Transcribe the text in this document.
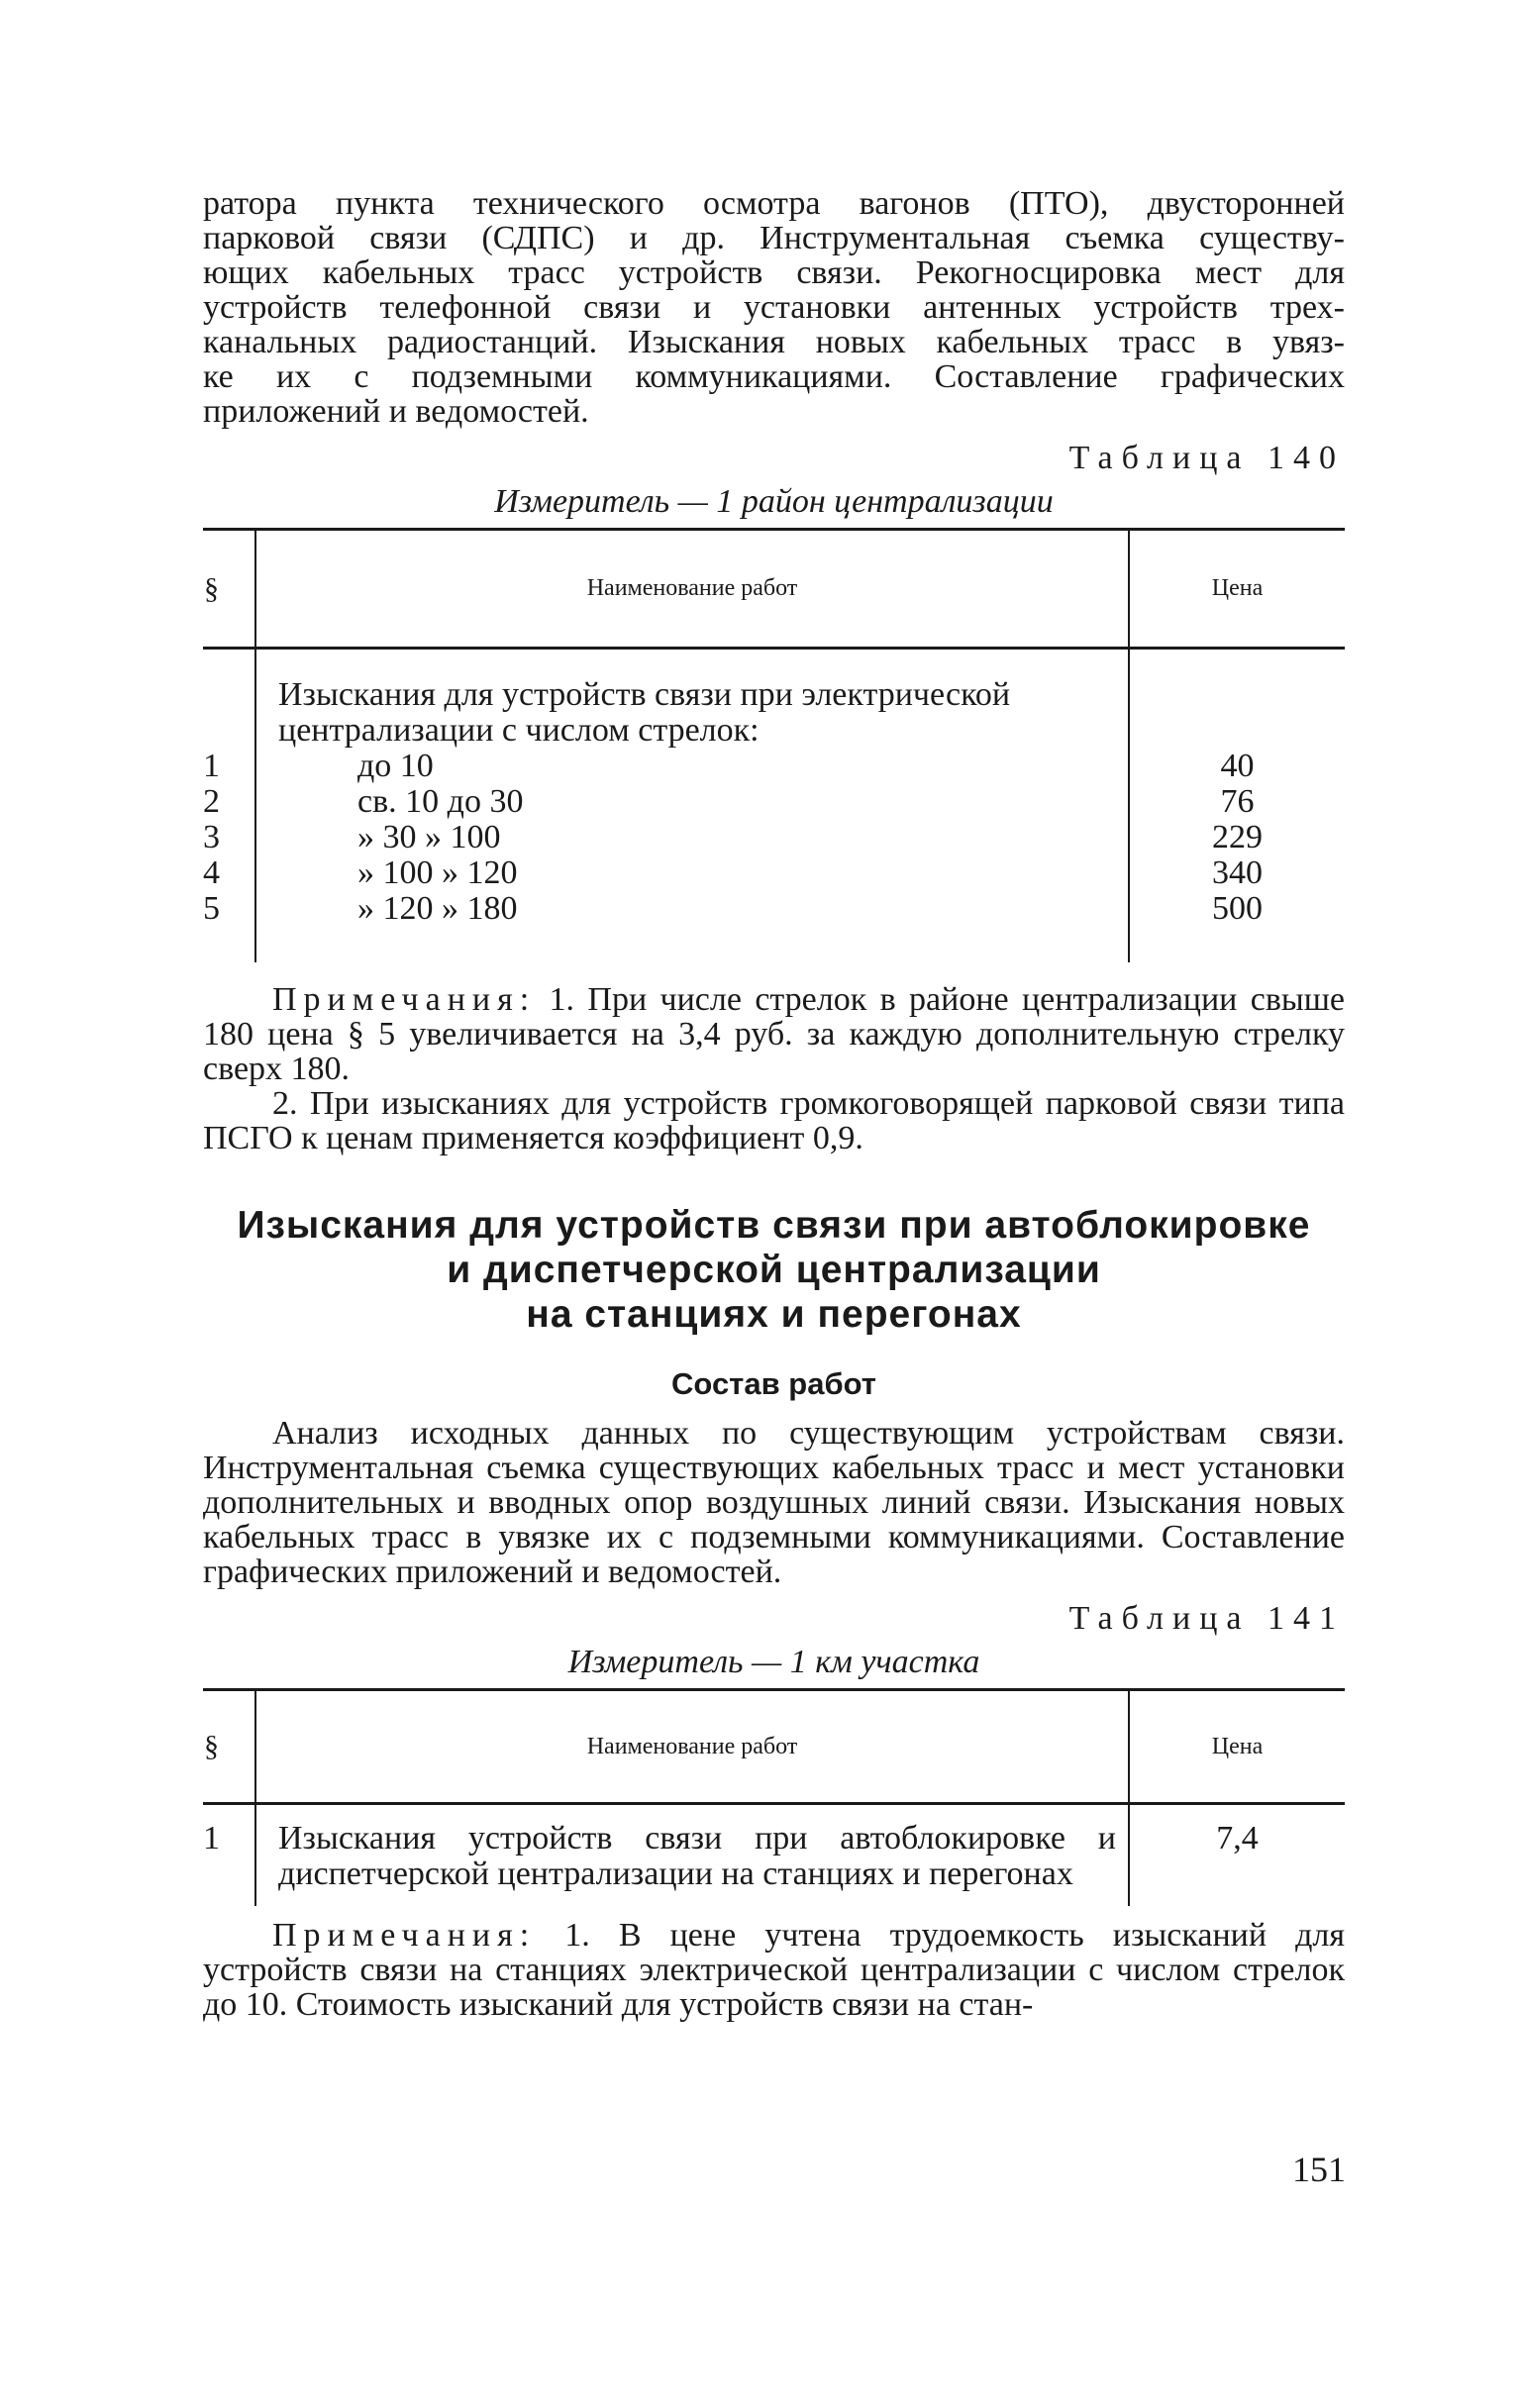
ратора пункта технического осмотра вагонов (ПТО), двусторонней
парковой связи (СДПС) и др. Инструментальная съемка существу-
ющих кабельных трасс устройств связи. Рекогносцировка мест для
устройств телефонной связи и установки антенных устройств трех-
канальных радиостанций. Изыскания новых кабельных трасс в увяз-
ке их с подземными коммуникациями. Составление графических
приложений и ведомостей.

Таблица 140
Измеритель — 1 район централизации
§	Наименование работ	Цена

	Изыскания для устройств связи при электрической централизации с числом стрелок:	
1	до 10	40
2	св. 10 до 30	76
3	» 30 » 100	229
4	» 100 » 120	340
5	» 120 » 180	500

Примечания: 1. При числе стрелок в районе централизации свыше 180 цена § 5 увеличивается на 3,4 руб. за каждую дополнительную стрелку сверх 180.

2. При изысканиях для устройств громкоговорящей парковой связи типа ПСГО к ценам применяется коэффициент 0,9.

Изыскания для устройств связи при автоблокировке
и диспетчерской централизации
на станциях и перегонах
Состав работ

Анализ исходных данных по существующим устройствам связи. Инструментальная съемка существующих кабельных трасс и мест установки дополнительных и вводных опор воздушных линий связи. Изыскания новых кабельных трасс в увязке их с подземными коммуникациями. Составление графических приложений и ведомостей.

Таблица 141
Измеритель — 1 км участка
§	Наименование работ	Цена

1	Изыскания устройств связи при автоблокировке и диспетчерской централизации на станциях и перегонах	7,4

Примечания: 1. В цене учтена трудоемкость изысканий для устройств связи на станциях электрической централизации с числом стрелок до 10. Стоимость изысканий для устройств связи на стан-

151
